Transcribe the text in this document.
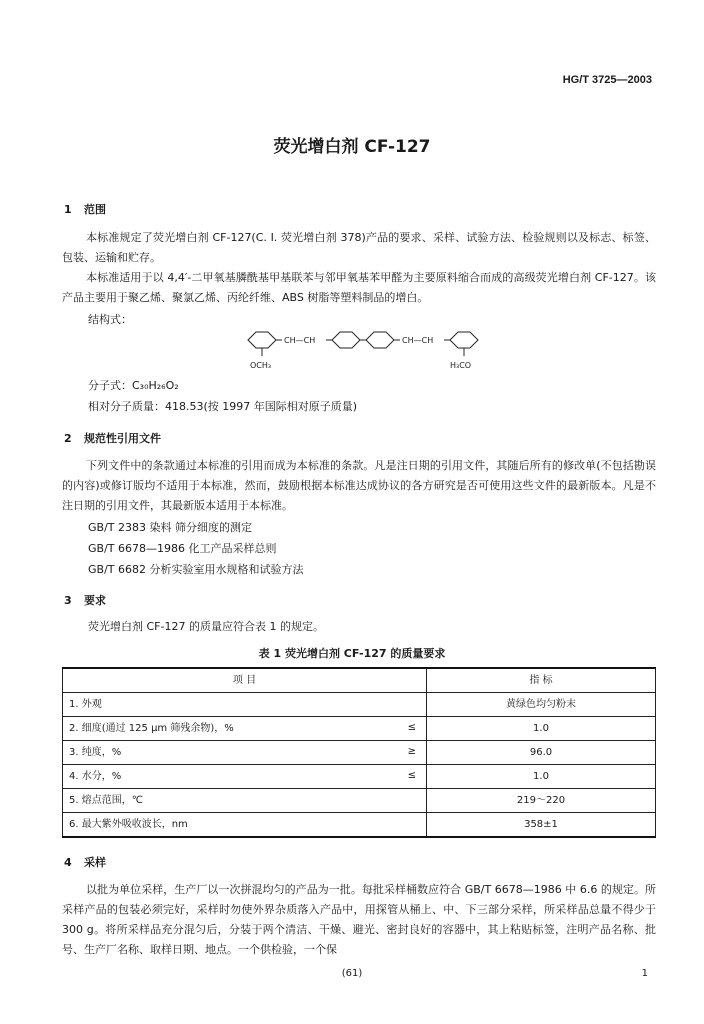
HG/T 3725—2003
荧光增白剂 CF-127
1 范围
本标准规定了荧光增白剂 CF-127(C. I. 荧光增白剂 378)产品的要求、采样、试验方法、检验规则以及标志、标签、包装、运输和贮存。
本标准适用于以 4,4′-二甲氧基膦酰基甲基联苯与邻甲氧基苯甲醛为主要原料缩合而成的高级荧光增白剂 CF-127。该产品主要用于聚乙烯、聚氯乙烯、丙纶纤维、ABS 树脂等塑料制品的增白。
结构式：
CH—CH	CH—CH
OCH₃	H₃CO
分子式：C₃₀H₂₆O₂
相对分子质量：418.53(按 1997 年国际相对原子质量)
2 规范性引用文件
下列文件中的条款通过本标准的引用而成为本标准的条款。凡是注日期的引用文件，其随后所有的修改单(不包括勘误的内容)或修订版均不适用于本标准，然而，鼓励根据本标准达成协议的各方研究是否可使用这些文件的最新版本。凡是不注日期的引用文件，其最新版本适用于本标准。
GB/T 2383 染料 筛分细度的测定
GB/T 6678—1986 化工产品采样总则
GB/T 6682 分析实验室用水规格和试验方法
3 要求
荧光增白剂 CF-127 的质量应符合表 1 的规定。
表 1 荧光增白剂 CF-127 的质量要求
项 目	指 标
1. 外观	黄绿色均匀粉末
2. 细度(通过 125 μm 筛残余物)，% ≤	1.0
3. 纯度，% ≥	96.0
4. 水分，% ≤	1.0
5. 熔点范围，℃	219～220
6. 最大紫外吸收波长，nm	358±1
4 采样
以批为单位采样，生产厂以一次拼混均匀的产品为一批。每批采样桶数应符合 GB/T 6678—1986 中 6.6 的规定。所采样产品的包装必须完好，采样时勿使外界杂质落入产品中，用探管从桶上、中、下三部分采样，所采样品总量不得少于 300 g。将所采样品充分混匀后，分装于两个清洁、干燥、避光、密封良好的容器中，其上粘贴标签，注明产品名称、批号、生产厂名称、取样日期、地点。一个供检验，一个保
(61)	1
